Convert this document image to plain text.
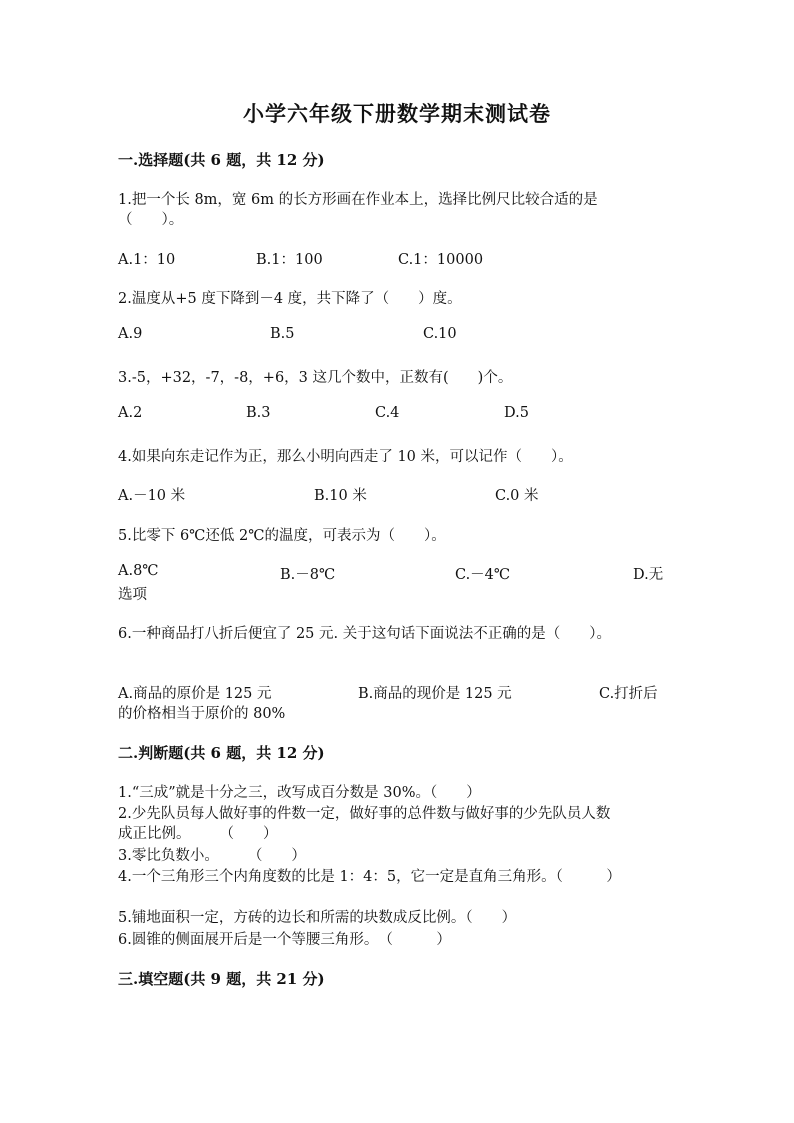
小学六年级下册数学期末测试卷
一.选择题(共 6 题，共 12 分)
1.把一个长 8m，宽 6m 的长方形画在作业本上，选择比例尺比较合适的是
（　　）。
A.1：10	B.1：100	C.1：10000
2.温度从+5 度下降到－4 度，共下降了（　　）度。
A.9	B.5	C.10
3.-5，+32，-7，-8，+6，3 这几个数中，正数有(　　)个。
A.2	B.3	C.4	D.5
4.如果向东走记作为正，那么小明向西走了 10 米，可以记作（　　）。
A.－10 米	B.10 米	C.0 米
5.比零下 6℃还低 2℃的温度，可表示为（　　）。
A.8℃	B.－8℃	C.－4℃	D.无
选项
6.一种商品打八折后便宜了 25 元. 关于这句话下面说法不正确的是（　　）。
A.商品的原价是 125 元	B.商品的现价是 125 元	C.打折后
的价格相当于原价的 80%
二.判断题(共 6 题，共 12 分)
1.“三成”就是十分之三，改写成百分数是 30%。（　　）
2.少先队员每人做好事的件数一定，做好事的总件数与做好事的少先队员人数
成正比例。　　　（　　）
3.零比负数小。　　　（　　）
4.一个三角形三个内角度数的比是 1：4：5，它一定是直角三角形。（　　　）
5.铺地面积一定，方砖的边长和所需的块数成反比例。（　　）
6.圆锥的侧面展开后是一个等腰三角形。　（　　　）
三.填空题(共 9 题，共 21 分)
